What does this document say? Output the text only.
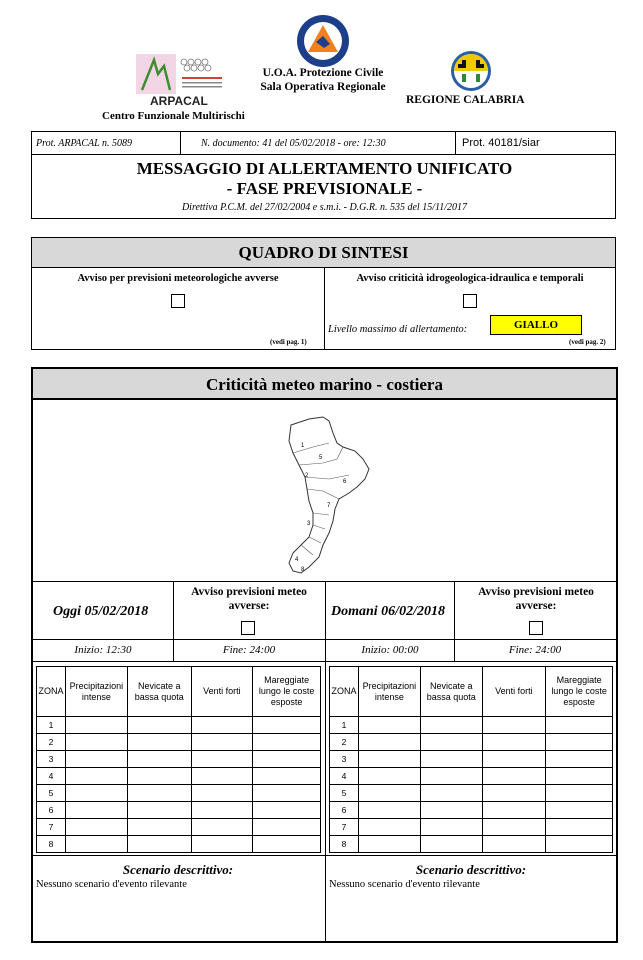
ARPACAL
Centro Funzionale Multirischi
U.O.A. Protezione Civile
Sala Operativa Regionale
REGIONE CALABRIA
Prot. ARPACAL n. 5089	N. documento: 41 del 05/02/2018 - ore: 12:30	Prot. 40181/siar
MESSAGGIO DI ALLERTAMENTO UNIFICATO
- FASE PREVISIONALE -
Direttiva P.C.M. del 27/02/2004 e s.m.i. - D.G.R. n. 535 del 15/11/2017
QUADRO DI SINTESI
Avviso per previsioni meteorologiche avverse	Avviso criticità idrogeologica-idraulica e temporali
Livello massimo di allertamento:	GIALLO
(vedi pag. 1)	(vedi pag. 2)
Criticità meteo marino - costiera
1
2
3
4
5
6
7
8
Oggi 05/02/2018
Avviso previsioni meteo avverse:
Inizio: 12:30	Fine: 24:00
Domani 06/02/2018
Avviso previsioni meteo avverse:
Inizio: 00:00	Fine: 24:00
ZONA	Precipitazioni intense	Nevicate a bassa quota	Venti forti	Mareggiate lungo le coste esposte
1				
2				
3				
4				
5				
6				
7				
8				
ZONA	Precipitazioni intense	Nevicate a bassa quota	Venti forti	Mareggiate lungo le coste esposte
1				
2				
3				
4				
5				
6				
7				
8				
Scenario descrittivo:
Nessuno scenario d'evento rilevante
Scenario descrittivo:
Nessuno scenario d'evento rilevante
